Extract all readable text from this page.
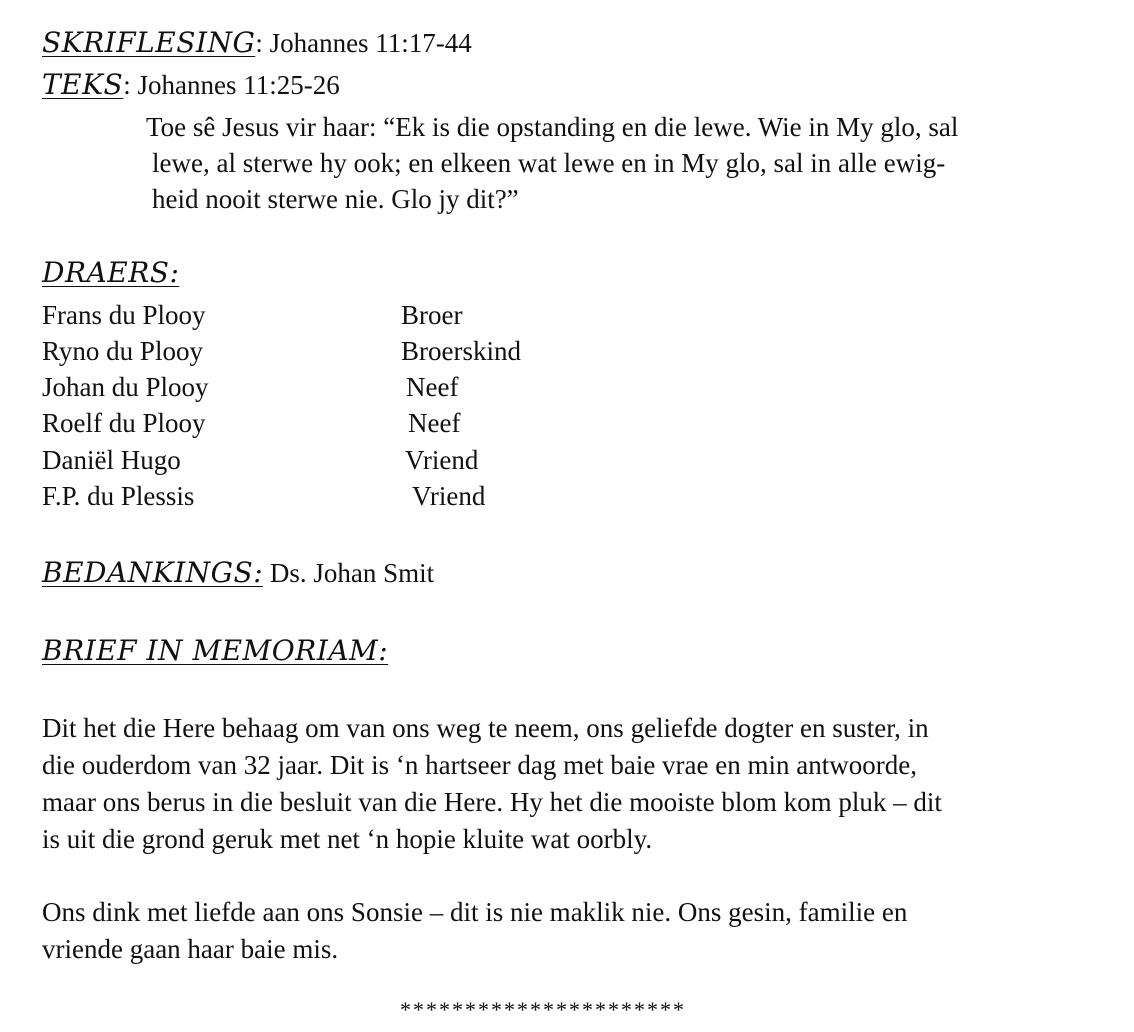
SKRIFLESING: Johannes 11:17-44
TEKS: Johannes 11:25-26
Toe sê Jesus vir haar: “Ek is die opstanding en die lewe. Wie in My glo, sal
lewe, al sterwe hy ook; en elkeen wat lewe en in My glo, sal in alle ewig-
heid nooit sterwe nie. Glo jy dit?”
DRAERS:
Frans du Plooy	Broer
Ryno du Plooy	Broerskind
Johan du Plooy	Neef
Roelf du Plooy	Neef
Daniël Hugo	Vriend
F.P. du Plessis	Vriend
BEDANKINGS: Ds. Johan Smit
BRIEF IN MEMORIAM:
Dit het die Here behaag om van ons weg te neem, ons geliefde dogter en suster, in
die ouderdom van 32 jaar. Dit is ‘n hartseer dag met baie vrae en min antwoorde,
maar ons berus in die besluit van die Here. Hy het die mooiste blom kom pluk – dit
is uit die grond geruk met net ‘n hopie kluite wat oorbly.
Ons dink met liefde aan ons Sonsie – dit is nie maklik nie. Ons gesin, familie en
vriende gaan haar baie mis.
**********************
